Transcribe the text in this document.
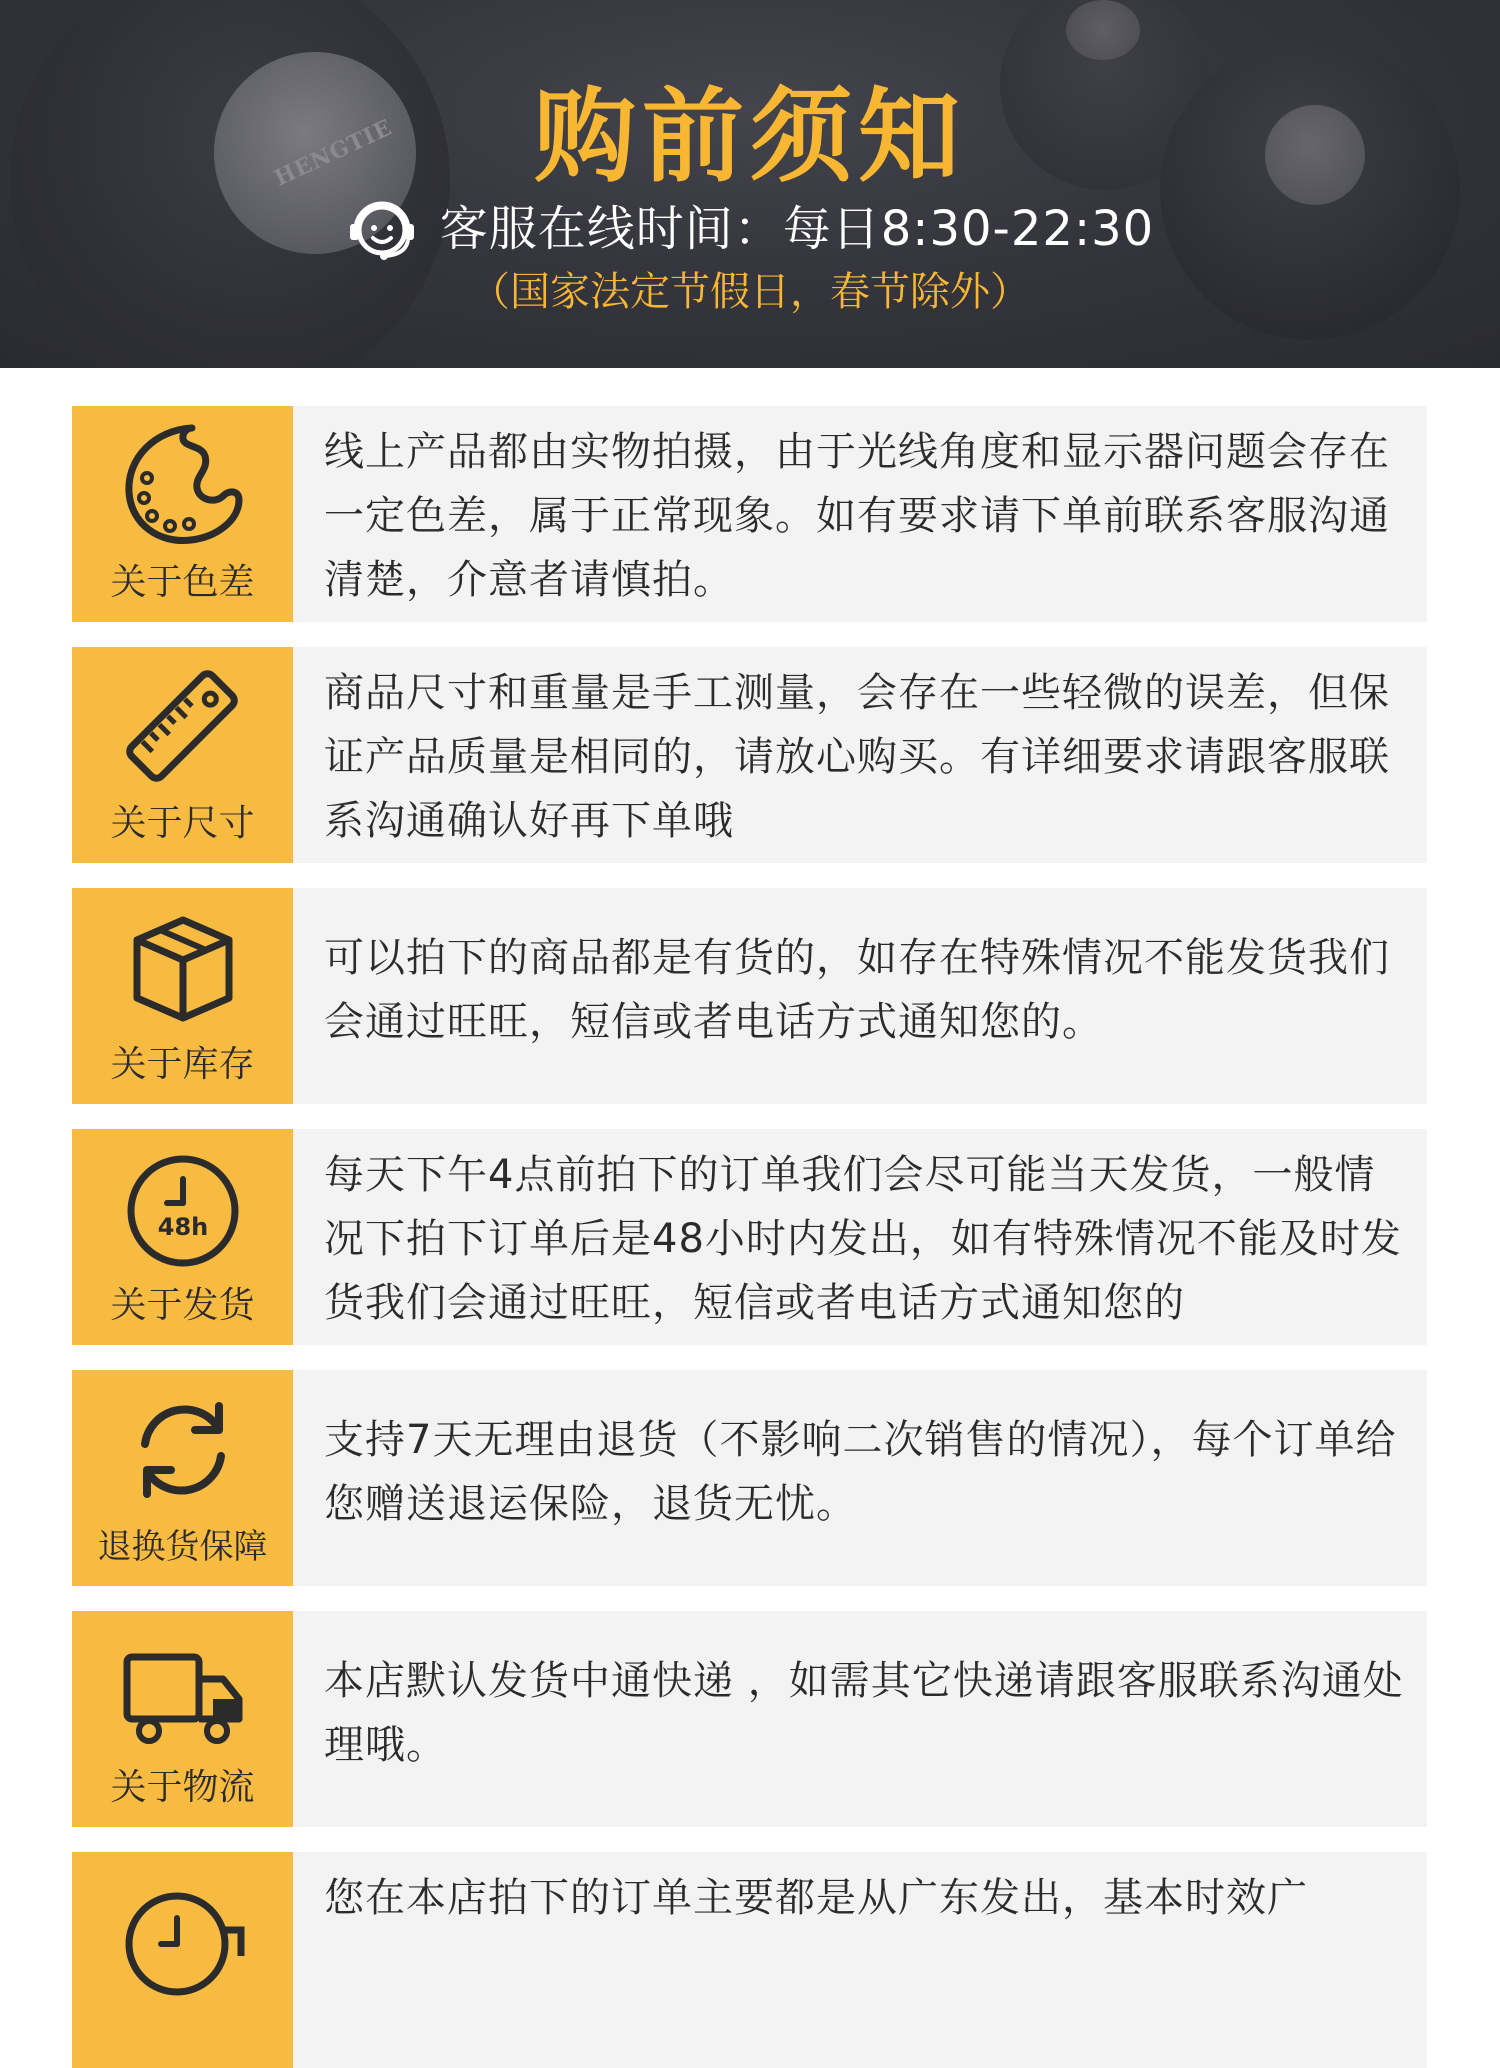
HENGTIE	购前须知
客服在线时间：每日8:30-22:30
（国家法定节假日，春节除外）
关于色差
线上产品都由实物拍摄，由于光线角度和显示器问题会存在一定色差，属于正常现象。如有要求请下单前联系客服沟通清楚，介意者请慎拍。
关于尺寸
商品尺寸和重量是手工测量，会存在一些轻微的误差，但保证产品质量是相同的，请放心购买。有详细要求请跟客服联系沟通确认好再下单哦
关于库存
可以拍下的商品都是有货的，如存在特殊情况不能发货我们会通过旺旺，短信或者电话方式通知您的。
48h
关于发货
每天下午4点前拍下的订单我们会尽可能当天发货，一般情况下拍下订单后是48小时内发出，如有特殊情况不能及时发货我们会通过旺旺，短信或者电话方式通知您的
退换货保障
支持7天无理由退货（不影响二次销售的情况），每个订单给您赠送退运保险，退货无忧。
关于物流
本店默认发货中通快递 ，如需其它快递请跟客服联系沟通处理哦。
您在本店拍下的订单主要都是从广东发出，基本时效广
